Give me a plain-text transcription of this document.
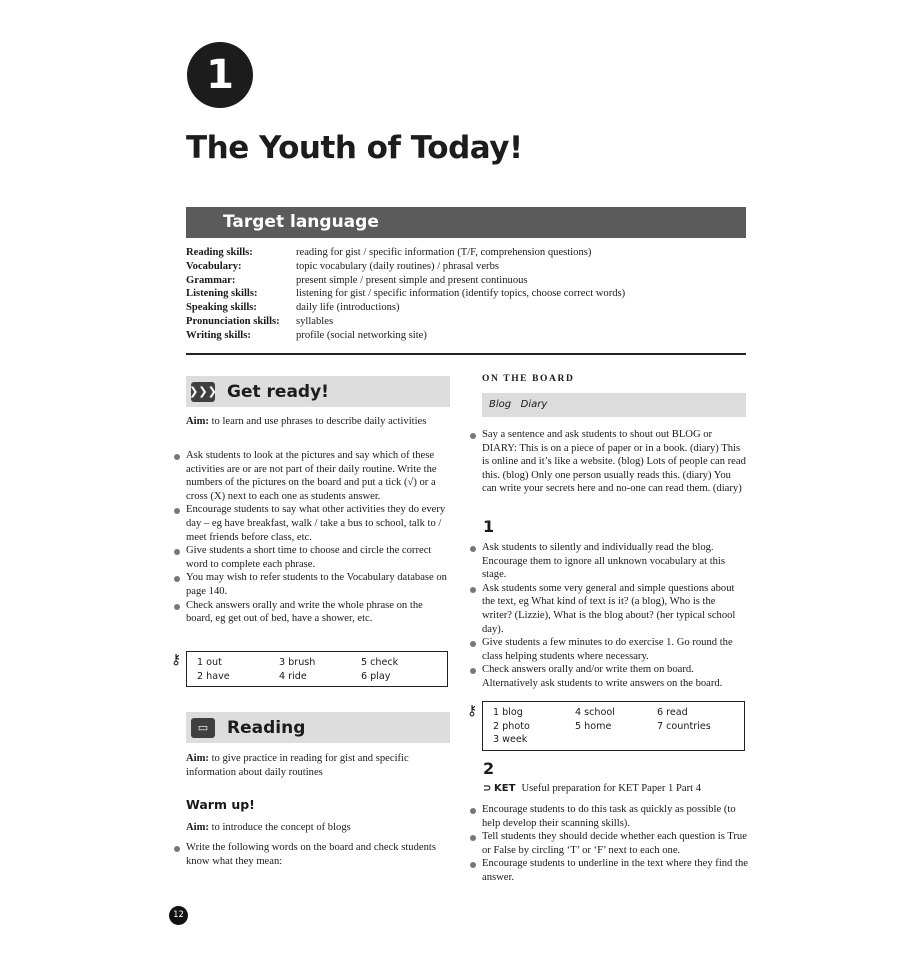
1
The Youth of Today!
Target language
Reading skills:	reading for gist / specific information (T/F, comprehension questions)
Vocabulary:	topic vocabulary (daily routines) / phrasal verbs
Grammar:	present simple / present simple and present continuous
Listening skills:	listening for gist / specific information (identify topics, choose correct words)
Speaking skills:	daily life (introductions)
Pronunciation skills:	syllables
Writing skills:	profile (social networking site)
❯❯❯ Get ready!
Aim: to learn and use phrases to describe daily activities
Ask students to look at the pictures and say which of these activities are or are not part of their daily routine. Write the numbers of the pictures on the board and put a tick (√) or a cross (X) next to each one as students answer.
Encourage students to say what other activities they do every day – eg have breakfast, walk / take a bus to school, talk to / meet friends before class, etc.
Give students a short time to choose and circle the correct word to complete each phrase.
You may wish to refer students to the Vocabulary database on page 140.
Check answers orally and write the whole phrase on the board, eg get out of bed, have a shower, etc.
⚷ 1 out	3 brush	5 check
2 have	4 ride	6 play
▭	Reading
Aim: to give practice in reading for gist and specific information about daily routines
Warm up!
Aim: to introduce the concept of blogs
Write the following words on the board and check students know what they mean:
ON THE BOARD
Blog   Diary
Say a sentence and ask students to shout out BLOG or DIARY: This is on a piece of paper or in a book. (diary) This is online and it’s like a website. (blog) Lots of people can read this. (blog) Only one person usually reads this. (diary) You can write your secrets here and no-one can read them. (diary)
1
Ask students to silently and individually read the blog. Encourage them to ignore all unknown vocabulary at this stage.
Ask students some very general and simple questions about the text, eg What kind of text is it? (a blog), Who is the writer? (Lizzie), What is the blog about? (her typical school day).
Give students a few minutes to do exercise 1. Go round the class helping students where necessary.
Check answers orally and/or write them on board. Alternatively ask students to write answers on the board.
⚷ 1 blog	4 school	6 read
2 photo	5 home	7 countries
3 week
2
⊃ KET Useful preparation for KET Paper 1 Part 4
Encourage students to do this task as quickly as possible (to help develop their scanning skills).
Tell students they should decide whether each question is True or False by circling ‘T’ or ‘F’ next to each one.
Encourage students to underline in the text where they find the answer.
12
